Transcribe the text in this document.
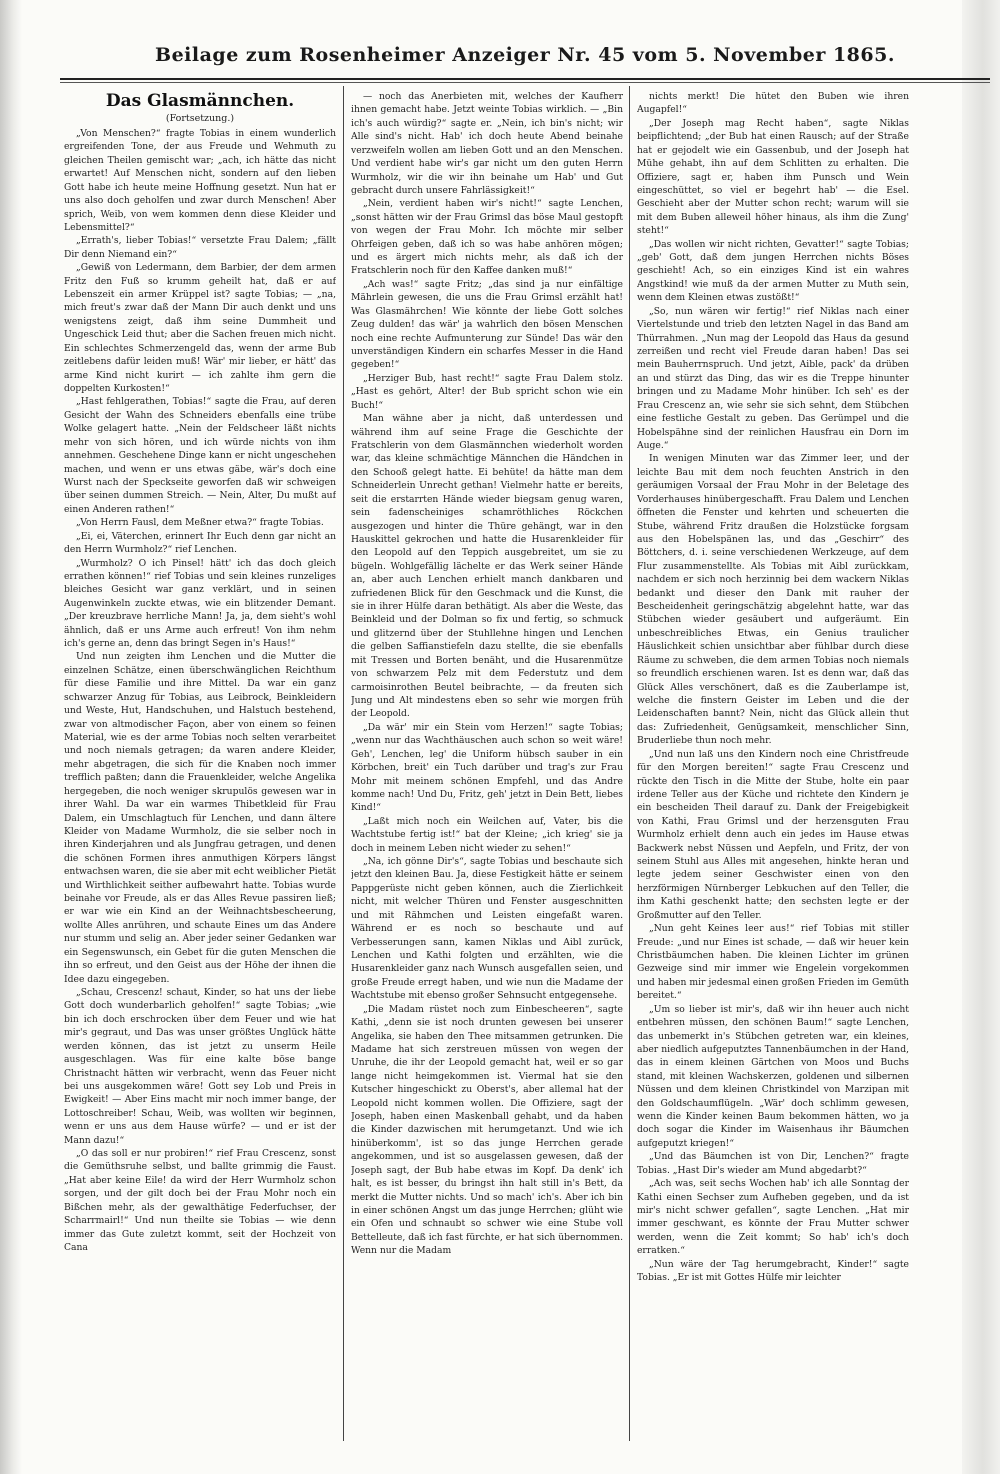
Beilage zum Rosenheimer Anzeiger Nr. 45 vom 5. November 1865.
Das Glasmännchen.
(Fortsetzung.)

„Von Menschen?“ fragte Tobias in einem wunderlich ergreifenden Tone, der aus Freude und Wehmuth zu gleichen Theilen gemischt war; „ach, ich hätte das nicht erwartet! Auf Menschen nicht, sondern auf den lieben Gott habe ich heute meine Hoffnung gesetzt. Nun hat er uns also doch geholfen und zwar durch Menschen! Aber sprich, Weib, von wem kommen denn diese Kleider und Lebensmittel?“

„Errath's, lieber Tobias!“ versetzte Frau Dalem; „fällt Dir denn Niemand ein?“

„Gewiß von Ledermann, dem Barbier, der dem armen Fritz den Fuß so krumm geheilt hat, daß er auf Lebenszeit ein armer Krüppel ist? sagte Tobias; — „na, mich freut's zwar daß der Mann Dir auch denkt und uns wenigstens zeigt, daß ihm seine Dummheit und Ungeschick Leid thut; aber die Sachen freuen mich nicht. Ein schlechtes Schmerzengeld das, wenn der arme Bub zeitlebens dafür leiden muß! Wär' mir lieber, er hätt' das arme Kind nicht kurirt — ich zahlte ihm gern die doppelten Kurkosten!“

„Hast fehlgerathen, Tobias!“ sagte die Frau, auf deren Gesicht der Wahn des Schneiders ebenfalls eine trübe Wolke gelagert hatte. „Nein der Feldscheer läßt nichts mehr von sich hören, und ich würde nichts von ihm annehmen. Geschehene Dinge kann er nicht ungeschehen machen, und wenn er uns etwas gäbe, wär's doch eine Wurst nach der Speckseite geworfen daß wir schweigen über seinen dummen Streich. — Nein, Alter, Du mußt auf einen Anderen rathen!“

„Von Herrn Fausl, dem Meßner etwa?“ fragte Tobias.

„Ei, ei, Väterchen, erinnert Ihr Euch denn gar nicht an den Herrn Wurmholz?“ rief Lenchen.

„Wurmholz? O ich Pinsel! hätt' ich das doch gleich errathen können!“ rief Tobias und sein kleines runzeliges bleiches Gesicht war ganz verklärt, und in seinen Augenwinkeln zuckte etwas, wie ein blitzender Demant. „Der kreuzbrave herrliche Mann! Ja, ja, dem sieht's wohl ähnlich, daß er uns Arme auch erfreut! Von ihm nehm ich's gerne an, denn das bringt Segen in's Haus!“

Und nun zeigten ihm Lenchen und die Mutter die einzelnen Schätze, einen überschwänglichen Reichthum für diese Familie und ihre Mittel. Da war ein ganz schwarzer Anzug für Tobias, aus Leibrock, Beinkleidern und Weste, Hut, Handschuhen, und Halstuch bestehend, zwar von altmodischer Façon, aber von einem so feinen Material, wie es der arme Tobias noch selten verarbeitet und noch niemals getragen; da waren andere Kleider, mehr abgetragen, die sich für die Knaben noch immer trefflich paßten; dann die Frauenkleider, welche Angelika hergegeben, die noch weniger skrupulös gewesen war in ihrer Wahl. Da war ein warmes Thibetkleid für Frau Dalem, ein Umschlagtuch für Lenchen, und dann ältere Kleider von Madame Wurmholz, die sie selber noch in ihren Kinderjahren und als Jungfrau getragen, und denen die schönen Formen ihres anmuthigen Körpers längst entwachsen waren, die sie aber mit echt weiblicher Pietät und Wirthlichkeit seither aufbewahrt hatte. Tobias wurde beinahe vor Freude, als er das Alles Revue passiren ließ; er war wie ein Kind an der Weihnachtsbescheerung, wollte Alles anrühren, und schaute Eines um das Andere nur stumm und selig an. Aber jeder seiner Gedanken war ein Segenswunsch, ein Gebet für die guten Menschen die ihn so erfreut, und den Geist aus der Höhe der ihnen die Idee dazu eingegeben.

„Schau, Crescenz! schaut, Kinder, so hat uns der liebe Gott doch wunderbarlich geholfen!“ sagte Tobias; „wie bin ich doch erschrocken über dem Feuer und wie hat mir's gegraut, und Das was unser größtes Unglück hätte werden können, das ist jetzt zu unserm Heile ausgeschlagen. Was für eine kalte böse bange Christnacht hätten wir verbracht, wenn das Feuer nicht bei uns ausgekommen wäre! Gott sey Lob und Preis in Ewigkeit! — Aber Eins macht mir noch immer bange, der Lottoschreiber! Schau, Weib, was wollten wir beginnen, wenn er uns aus dem Hause würfe? — und er ist der Mann dazu!“

„O das soll er nur probiren!“ rief Frau Crescenz, sonst die Gemüthsruhe selbst, und ballte grimmig die Faust. „Hat aber keine Eile! da wird der Herr Wurmholz schon sorgen, und der gilt doch bei der Frau Mohr noch ein Bißchen mehr, als der gewalthätige Federfuchser, der Scharrmairl!“ Und nun theilte sie Tobias — wie denn immer das Gute zuletzt kommt, seit der Hochzeit von Cana

— noch das Anerbieten mit, welches der Kaufherr ihnen gemacht habe. Jetzt weinte Tobias wirklich. — „Bin ich's auch würdig?“ sagte er. „Nein, ich bin's nicht; wir Alle sind's nicht. Hab' ich doch heute Abend beinahe verzweifeln wollen am lieben Gott und an den Menschen. Und verdient habe wir's gar nicht um den guten Herrn Wurmholz, wir die wir ihn beinahe um Hab' und Gut gebracht durch unsere Fahrlässigkeit!“

„Nein, verdient haben wir's nicht!“ sagte Lenchen, „sonst hätten wir der Frau Grimsl das böse Maul gestopft von wegen der Frau Mohr. Ich möchte mir selber Ohrfeigen geben, daß ich so was habe anhören mögen; und es ärgert mich nichts mehr, als daß ich der Fratschlerin noch für den Kaffee danken muß!“

„Ach was!“ sagte Fritz; „das sind ja nur einfältige Mährlein gewesen, die uns die Frau Grimsl erzählt hat! Was Glasmährchen! Wie könnte der liebe Gott solches Zeug dulden! das wär' ja wahrlich den bösen Menschen noch eine rechte Aufmunterung zur Sünde! Das wär den unverständigen Kindern ein scharfes Messer in die Hand gegeben!“

„Herziger Bub, hast recht!“ sagte Frau Dalem stolz. „Hast es gehört, Alter! der Bub spricht schon wie ein Buch!“

Man wähne aber ja nicht, daß unterdessen und während ihm auf seine Frage die Geschichte der Fratschlerin von dem Glasmännchen wiederholt worden war, das kleine schmächtige Männchen die Händchen in den Schooß gelegt hatte. Ei behüte! da hätte man dem Schneiderlein Unrecht gethan! Vielmehr hatte er bereits, seit die erstarrten Hände wieder biegsam genug waren, sein fadenscheiniges schamröthliches Röckchen ausgezogen und hinter die Thüre gehängt, war in den Hauskittel gekrochen und hatte die Husarenkleider für den Leopold auf den Teppich ausgebreitet, um sie zu bügeln. Wohlgefällig lächelte er das Werk seiner Hände an, aber auch Lenchen erhielt manch dankbaren und zufriedenen Blick für den Geschmack und die Kunst, die sie in ihrer Hülfe daran bethätigt. Als aber die Weste, das Beinkleid und der Dolman so fix und fertig, so schmuck und glitzernd über der Stuhllehne hingen und Lenchen die gelben Saffianstiefeln dazu stellte, die sie ebenfalls mit Tressen und Borten benäht, und die Husarenmütze von schwarzem Pelz mit dem Federstutz und dem carmoisinrothen Beutel beibrachte, — da freuten sich Jung und Alt mindestens eben so sehr wie morgen früh der Leopold.

„Da wär' mir ein Stein vom Herzen!“ sagte Tobias; „wenn nur das Wachthäuschen auch schon so weit wäre! Geh', Lenchen, leg' die Uniform hübsch sauber in ein Körbchen, breit' ein Tuch darüber und trag's zur Frau Mohr mit meinem schönen Empfehl, und das Andre komme nach! Und Du, Fritz, geh' jetzt in Dein Bett, liebes Kind!“

„Laßt mich noch ein Weilchen auf, Vater, bis die Wachtstube fertig ist!“ bat der Kleine; „ich krieg' sie ja doch in meinem Leben nicht wieder zu sehen!“

„Na, ich gönne Dir's“, sagte Tobias und beschaute sich jetzt den kleinen Bau. Ja, diese Festigkeit hätte er seinem Pappgerüste nicht geben können, auch die Zierlichkeit nicht, mit welcher Thüren und Fenster ausgeschnitten und mit Rähmchen und Leisten eingefaßt waren. Während er es noch so beschaute und auf Verbesserungen sann, kamen Niklas und Aibl zurück, Lenchen und Kathi folgten und erzählten, wie die Husarenkleider ganz nach Wunsch ausgefallen seien, und große Freude erregt haben, und wie nun die Madame der Wachtstube mit ebenso großer Sehnsucht entgegensehe.

„Die Madam rüstet noch zum Einbescheeren“, sagte Kathi, „denn sie ist noch drunten gewesen bei unserer Angelika, sie haben den Thee mitsammen getrunken. Die Madame hat sich zerstreuen müssen von wegen der Unruhe, die ihr der Leopold gemacht hat, weil er so gar lange nicht heimgekommen ist. Viermal hat sie den Kutscher hingeschickt zu Oberst's, aber allemal hat der Leopold nicht kommen wollen. Die Offiziere, sagt der Joseph, haben einen Maskenball gehabt, und da haben die Kinder dazwischen mit herumgetanzt. Und wie ich hinüberkomm', ist so das junge Herrchen gerade angekommen, und ist so ausgelassen gewesen, daß der Joseph sagt, der Bub habe etwas im Kopf. Da denk' ich halt, es ist besser, du bringst ihn halt still in's Bett, da merkt die Mutter nichts. Und so mach' ich's. Aber ich bin in einer schönen Angst um das junge Herrchen; glüht wie ein Ofen und schnaubt so schwer wie eine Stube voll Bettelleute, daß ich fast fürchte, er hat sich übernommen. Wenn nur die Madam

nichts merkt! Die hütet den Buben wie ihren Augapfel!“

„Der Joseph mag Recht haben“, sagte Niklas beipflichtend; „der Bub hat einen Rausch; auf der Straße hat er gejodelt wie ein Gassenbub, und der Joseph hat Mühe gehabt, ihn auf dem Schlitten zu erhalten. Die Offiziere, sagt er, haben ihm Punsch und Wein eingeschüttet, so viel er begehrt hab' — die Esel. Geschieht aber der Mutter schon recht; warum will sie mit dem Buben alleweil höher hinaus, als ihm die Zung' steht!“

„Das wollen wir nicht richten, Gevatter!“ sagte Tobias; „geb' Gott, daß dem jungen Herrchen nichts Böses geschieht! Ach, so ein einziges Kind ist ein wahres Angstkind! wie muß da der armen Mutter zu Muth sein, wenn dem Kleinen etwas zustößt!“

„So, nun wären wir fertig!“ rief Niklas nach einer Viertelstunde und trieb den letzten Nagel in das Band am Thürrahmen. „Nun mag der Leopold das Haus da gesund zerreißen und recht viel Freude daran haben! Das sei mein Bauherrnspruch. Und jetzt, Aible, pack' da drüben an und stürzt das Ding, das wir es die Treppe hinunter bringen und zu Madame Mohr hinüber. Ich seh' es der Frau Crescenz an, wie sehr sie sich sehnt, dem Stübchen eine festliche Gestalt zu geben. Das Gerümpel und die Hobelspähne sind der reinlichen Hausfrau ein Dorn im Auge.“

In wenigen Minuten war das Zimmer leer, und der leichte Bau mit dem noch feuchten Anstrich in den geräumigen Vorsaal der Frau Mohr in der Beletage des Vorderhauses hinübergeschafft. Frau Dalem und Lenchen öffneten die Fenster und kehrten und scheuerten die Stube, während Fritz draußen die Holzstücke forgsam aus den Hobelspänen las, und das „Geschirr“ des Böttchers, d. i. seine verschiedenen Werkzeuge, auf dem Flur zusammenstellte. Als Tobias mit Aibl zurückkam, nachdem er sich noch herzinnig bei dem wackern Niklas bedankt und dieser den Dank mit rauher der Bescheidenheit geringschätzig abgelehnt hatte, war das Stübchen wieder gesäubert und aufgeräumt. Ein unbeschreibliches Etwas, ein Genius traulicher Häuslichkeit schien unsichtbar aber fühlbar durch diese Räume zu schweben, die dem armen Tobias noch niemals so freundlich erschienen waren. Ist es denn war, daß das Glück Alles verschönert, daß es die Zauberlampe ist, welche die finstern Geister im Leben und die der Leidenschaften bannt? Nein, nicht das Glück allein thut das: Zufriedenheit, Genügsamkeit, menschlicher Sinn, Bruderliebe thun noch mehr.

„Und nun laß uns den Kindern noch eine Christfreude für den Morgen bereiten!“ sagte Frau Crescenz und rückte den Tisch in die Mitte der Stube, holte ein paar irdene Teller aus der Küche und richtete den Kindern je ein bescheiden Theil darauf zu. Dank der Freigebigkeit von Kathi, Frau Grimsl und der herzensguten Frau Wurmholz erhielt denn auch ein jedes im Hause etwas Backwerk nebst Nüssen und Aepfeln, und Fritz, der von seinem Stuhl aus Alles mit angesehen, hinkte heran und legte jedem seiner Geschwister einen von den herzförmigen Nürnberger Lebkuchen auf den Teller, die ihm Kathi geschenkt hatte; den sechsten legte er der Großmutter auf den Teller.

„Nun geht Keines leer aus!“ rief Tobias mit stiller Freude: „und nur Eines ist schade, — daß wir heuer kein Christbäumchen haben. Die kleinen Lichter im grünen Gezweige sind mir immer wie Engelein vorgekommen und haben mir jedesmal einen großen Frieden im Gemüth bereitet.“

„Um so lieber ist mir's, daß wir ihn heuer auch nicht entbehren müssen, den schönen Baum!“ sagte Lenchen, das unbemerkt in's Stübchen getreten war, ein kleines, aber niedlich aufgeputztes Tannenbäumchen in der Hand, das in einem kleinen Gärtchen von Moos und Buchs stand, mit kleinen Wachskerzen, goldenen und silbernen Nüssen und dem kleinen Christkindel von Marzipan mit den Goldschaumflügeln. „Wär' doch schlimm gewesen, wenn die Kinder keinen Baum bekommen hätten, wo ja doch sogar die Kinder im Waisenhaus ihr Bäumchen aufgeputzt kriegen!“

„Und das Bäumchen ist von Dir, Lenchen?“ fragte Tobias. „Hast Dir's wieder am Mund abgedarbt?“

„Ach was, seit sechs Wochen hab' ich alle Sonntag der Kathi einen Sechser zum Aufheben gegeben, und da ist mir's nicht schwer gefallen“, sagte Lenchen. „Hat mir immer geschwant, es könnte der Frau Mutter schwer werden, wenn die Zeit kommt; So hab' ich's doch erratken.“

„Nun wäre der Tag herumgebracht, Kinder!“ sagte Tobias. „Er ist mit Gottes Hülfe mir leichter
